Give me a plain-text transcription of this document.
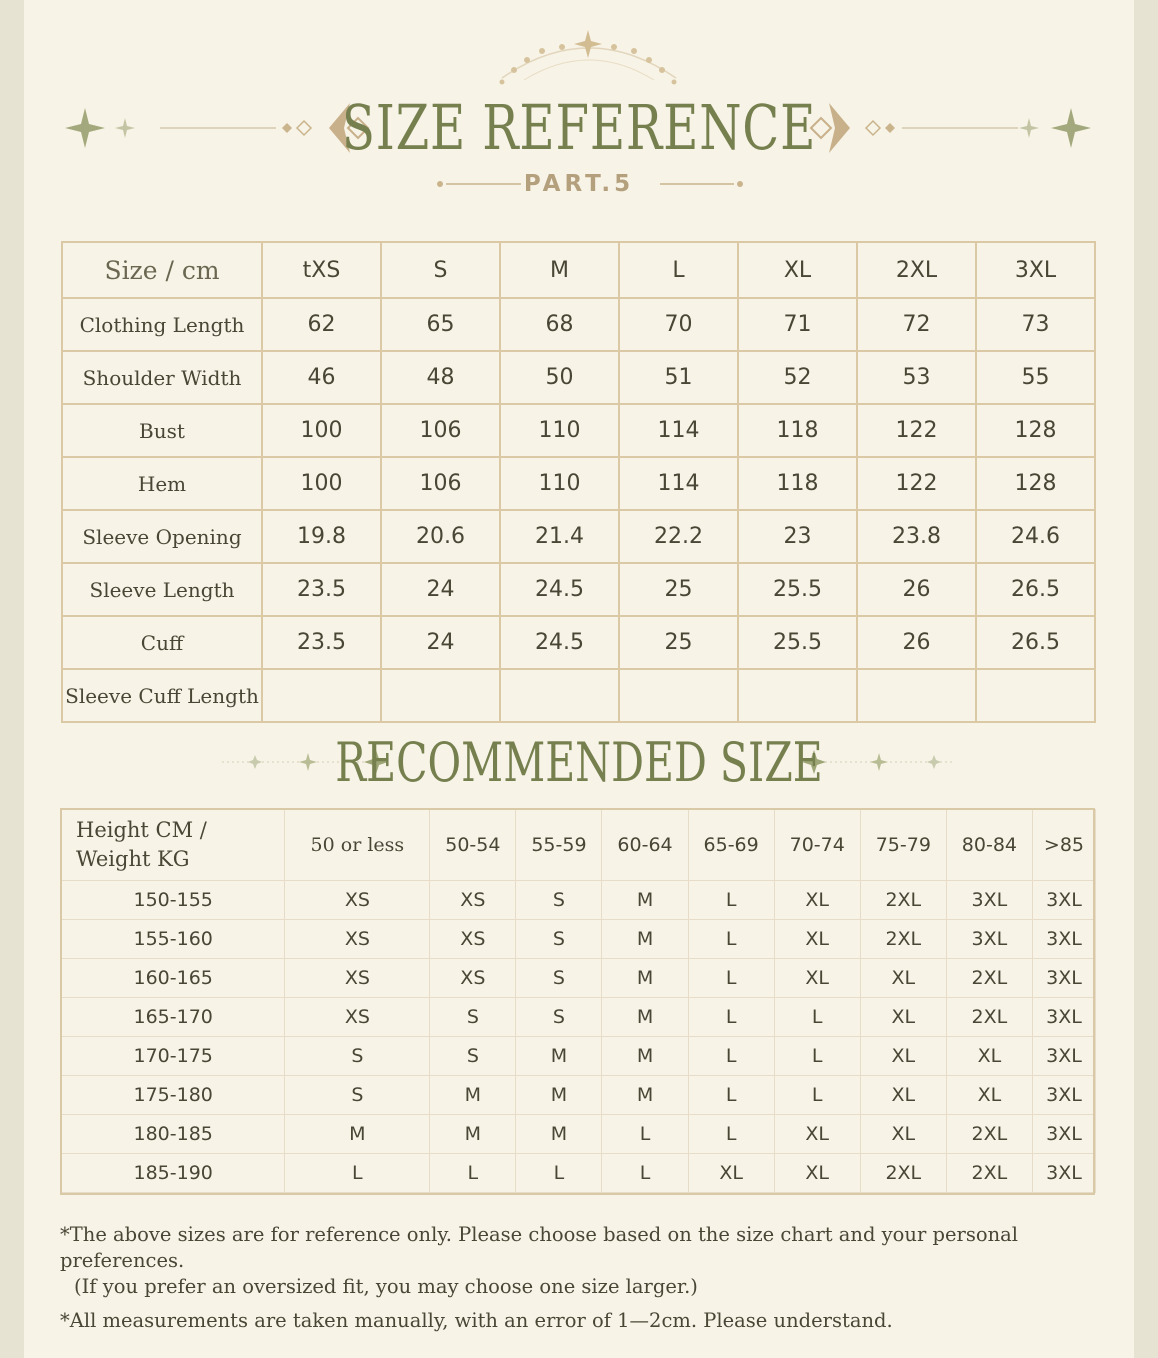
SIZE REFERENCE
PART.5
Size / cm	tXS	S	M	L	XL	2XL	3XL
Clothing Length	62	65	68	70	71	72	73
Shoulder Width	46	48	50	51	52	53	55
Bust	100	106	110	114	118	122	128
Hem	100	106	110	114	118	122	128
Sleeve Opening	19.8	20.6	21.4	22.2	23	23.8	24.6
Sleeve Length	23.5	24	24.5	25	25.5	26	26.5
Cuff	23.5	24	24.5	25	25.5	26	26.5
Sleeve Cuff Length							
RECOMMENDED SIZE
Height CM /
Weight KG	50 or less	50-54	55-59	60-64	65-69	70-74	75-79	80-84	>85
150-155	XS	XS	S	M	L	XL	2XL	3XL	3XL
155-160	XS	XS	S	M	L	XL	2XL	3XL	3XL
160-165	XS	XS	S	M	L	XL	XL	2XL	3XL
165-170	XS	S	S	M	L	L	XL	2XL	3XL
170-175	S	S	M	M	L	L	XL	XL	3XL
175-180	S	M	M	M	L	L	XL	XL	3XL
180-185	M	M	M	L	L	XL	XL	2XL	3XL
185-190	L	L	L	L	XL	XL	2XL	2XL	3XL

*The above sizes are for reference only. Please choose based on the size chart and your personal preferences.

(If you prefer an oversized fit, you may choose one size larger.)

*All measurements are taken manually, with an error of 1—2cm. Please understand.
